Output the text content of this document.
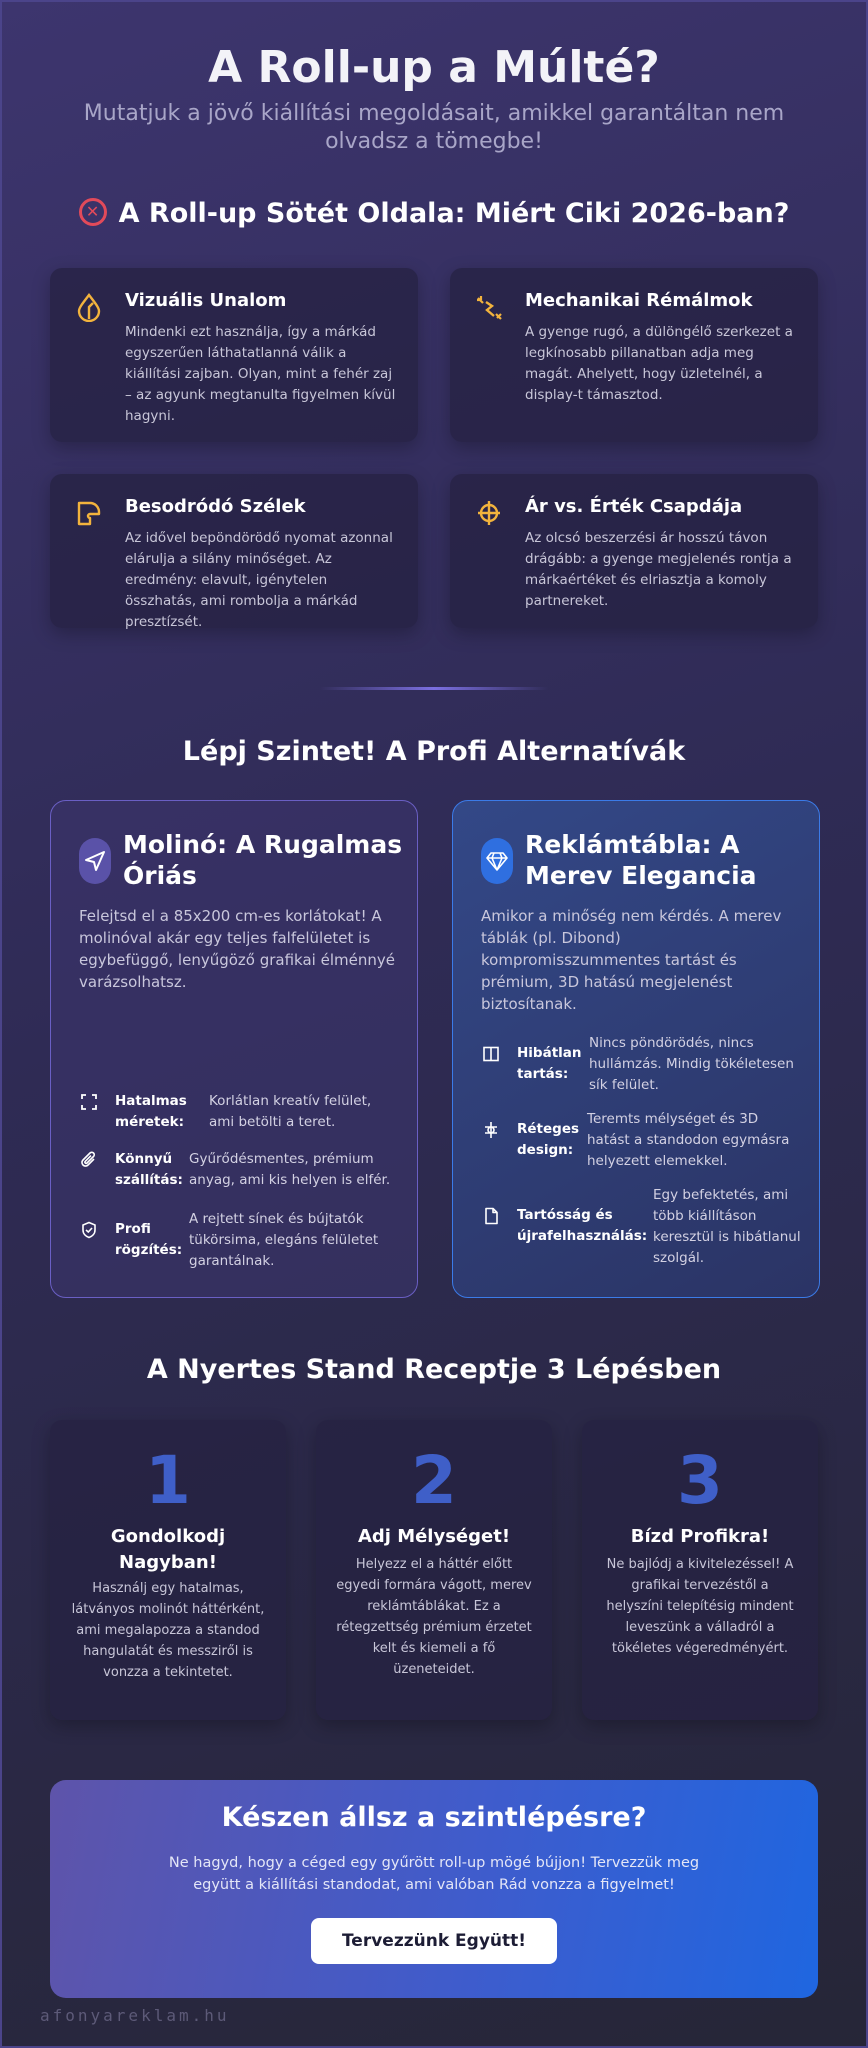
A Roll-up a Múlté?
Mutatjuk a jövő kiállítási megoldásait, amikkel garantáltan nem olvadsz a tömegbe!
✕ A Roll-up Sötét Oldala: Miért Ciki 2026-ban?
Vizuális Unalom
Mindenki ezt használja, így a márkád egyszerűen láthatatlanná válik a kiállítási zajban. Olyan, mint a fehér zaj – az agyunk megtanulta figyelmen kívül hagyni.
Mechanikai Rémálmok
A gyenge rugó, a dülöngélő szerkezet a legkínosabb pillanatban adja meg magát. Ahelyett, hogy üzletelnél, a display-t támasztod.
Besodródó Szélek
Az idővel bepöndörödő nyomat azonnal elárulja a silány minőséget. Az eredmény: elavult, igénytelen összhatás, ami rombolja a márkád presztízsét.
Ár vs. Érték Csapdája
Az olcsó beszerzési ár hosszú távon drágább: a gyenge megjelenés rontja a márkaértéket és elriasztja a komoly partnereket.
Lépj Szintet! A Profi Alternatívák
Molinó: A Rugalmas Óriás
Felejtsd el a 85x200 cm-es korlátokat! A molinóval akár egy teljes falfelületet is egybefüggő, lenyűgöző grafikai élménnyé varázsolhatsz.
Hatalmas méretek:
Korlátlan kreatív felület, ami betölti a teret.
Könnyű szállítás:
Gyűrődésmentes, prémium anyag, ami kis helyen is elfér.
Profi rögzítés:
A rejtett sínek és bújtatók tükörsima, elegáns felületet garantálnak.
Reklámtábla: A Merev Elegancia
Amikor a minőség nem kérdés. A merev táblák (pl. Dibond) kompromisszummentes tartást és prémium, 3D hatású megjelenést biztosítanak.
Hibátlan tartás:
Nincs pöndörödés, nincs hullámzás. Mindig tökéletesen sík felület.
Réteges design:
Teremts mélységet és 3D hatást a standodon egymásra helyezett elemekkel.
Tartósság és újrafelhasználás:
Egy befektetés, ami több kiállításon keresztül is hibátlanul szolgál.
A Nyertes Stand Receptje 3 Lépésben
1
Gondolkodj Nagyban!
Használj egy hatalmas, látványos molinót háttérként, ami megalapozza a standod hangulatát és messziről is vonzza a tekintetet.
2
Adj Mélységet!
Helyezz el a háttér előtt egyedi formára vágott, merev reklámtáblákat. Ez a rétegzettség prémium érzetet kelt és kiemeli a fő üzeneteidet.
3
Bízd Profikra!
Ne bajlódj a kivitelezéssel! A grafikai tervezéstől a helyszíni telepítésig mindent leveszünk a válladról a tökéletes végeredményért.
Készen állsz a szintlépésre?
Ne hagyd, hogy a céged egy gyűrött roll-up mögé bújjon! Tervezzük meg együtt a kiállítási standodat, ami valóban Rád vonzza a figyelmet!
Tervezzünk Együtt!
afonyareklam.hu
